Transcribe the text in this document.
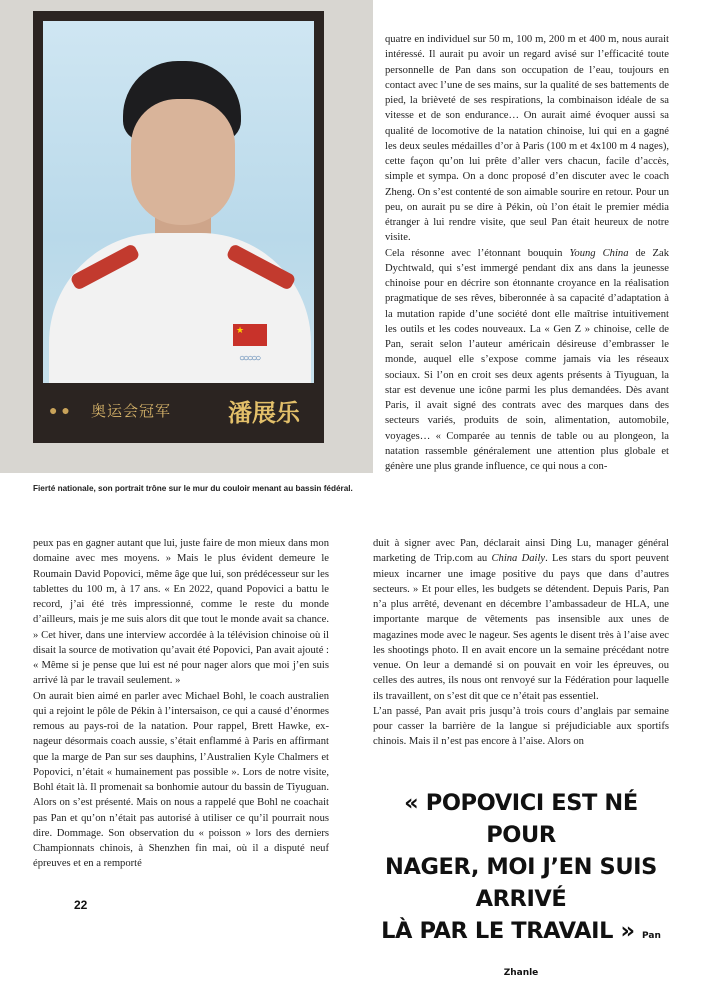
★
○○○○○
● ●	奥运会冠军 潘展乐
Fierté nationale, son portrait trône sur le mur du couloir menant au bassin fédéral.

quatre en individuel sur 50 m, 100 m, 200 m et 400 m, nous aurait intéressé. Il aurait pu avoir un regard avisé sur l’efficacité toute personnelle de Pan dans son occupation de l’eau, toujours en contact avec l’une de ses mains, sur la qualité de ses battements de pied, la brièveté de ses respirations, la combinaison idéale de sa vitesse et de son endurance… On aurait aimé évoquer aussi sa qualité de locomotive de la natation chinoise, lui qui en a gagné les deux seules médailles d’or à Paris (100 m et 4x100 m 4 nages), cette façon qu’on lui prête d’aller vers chacun, facile d’accès, simple et sympa. On a donc proposé d’en discuter avec le coach Zheng. On s’est contenté de son aimable sourire en retour. Pour un peu, on aurait pu se dire à Pékin, où l’on était le premier média étranger à lui rendre visite, que seul Pan était heureux de notre visite.

Cela résonne avec l’étonnant bouquin Young China de Zak Dychtwald, qui s’est immergé pendant dix ans dans la jeunesse chinoise pour en décrire son étonnante croyance en la réalisation pragmatique de ses rêves, biberonnée à sa capacité d’adaptation à la mutation rapide d’une société dont elle maîtrise intuitivement les outils et les codes nouveaux. La « Gen Z » chinoise, celle de Pan, serait selon l’auteur américain désireuse d’embrasser le monde, auquel elle s’expose comme jamais via les réseaux sociaux. Si l’on en croit ses deux agents présents à Tiyuguan, la star est devenue une icône parmi les plus demandées. Dès avant Paris, il avait signé des contrats avec des marques dans des secteurs variés, produits de soin, alimentation, automobile, voyages… « Comparée au tennis de table ou au plongeon, la natation rassemble généralement une attention plus globale et génère une plus grande influence, ce qui nous a con-

peux pas en gagner autant que lui, juste faire de mon mieux dans mon domaine avec mes moyens. » Mais le plus évident demeure le Roumain David Popovici, même âge que lui, son prédécesseur sur les tablettes du 100 m, à 17 ans. « En 2022, quand Popovici a battu le record, j’ai été très impressionné, comme le reste du monde d’ailleurs, mais je me suis alors dit que tout le monde avait sa chance. » Cet hiver, dans une interview accordée à la télévision chinoise où il disait la source de motivation qu’avait été Popovici, Pan avait ajouté : « Même si je pense que lui est né pour nager alors que moi j’en suis arrivé là par le travail seulement. »

On aurait bien aimé en parler avec Michael Bohl, le coach australien qui a rejoint le pôle de Pékin à l’intersaison, ce qui a causé d’énormes remous au pays-roi de la natation. Pour rappel, Brett Hawke, ex-nageur désormais coach aussie, s’était enflammé à Paris en affirmant que la marge de Pan sur ses dauphins, l’Australien Kyle Chalmers et Popovici, n’était « humainement pas possible ». Lors de notre visite, Bohl était là. Il promenait sa bonhomie autour du bassin de Tiyuguan. Alors on s’est présenté. Mais on nous a rappelé que Bohl ne coachait pas Pan et qu’on n’était pas autorisé à utiliser ce qu’il pourrait nous dire. Dommage. Son observation du « poisson » lors des derniers Championnats chinois, à Shenzhen fin mai, où il a disputé neuf épreuves et en a remporté

duit à signer avec Pan, déclarait ainsi Ding Lu, manager général marketing de Trip.com au China Daily. Les stars du sport peuvent mieux incarner une image positive du pays que dans d’autres secteurs. » Et pour elles, les budgets se détendent. Depuis Paris, Pan n’a plus arrêté, devenant en décembre l’ambassadeur de HLA, une importante marque de vêtements pas insensible aux unes de magazines mode avec le nageur. Ses agents le disent très à l’aise avec les shootings photo. Il en avait encore un la semaine précédant notre venue. On leur a demandé si on pouvait en voir les épreuves, ou celles des autres, ils nous ont renvoyé sur la Fédération pour laquelle ils travaillent, on s’est dit que ce n’était pas essentiel.

L’an passé, Pan avait pris jusqu’à trois cours d’anglais par semaine pour casser la barrière de la langue si préjudiciable aux sportifs chinois. Mais il n’est pas encore à l’aise. Alors on

« POPOVICI EST NÉ POUR
NAGER, MOI J’EN SUIS ARRIVÉ
LÀ PAR LE TRAVAIL » Pan Zhanle
22
